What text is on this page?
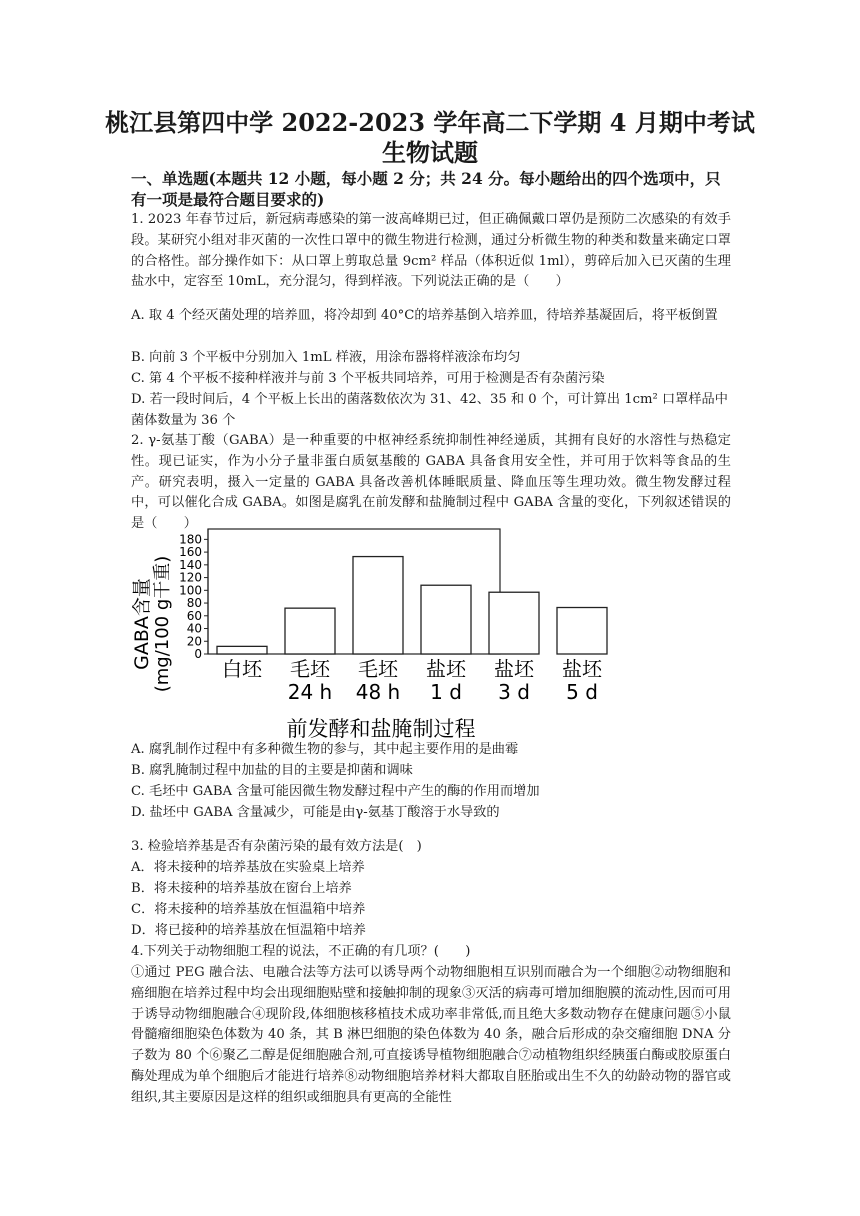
桃江县第四中学 2022-2023 学年高二下学期 4 月期中考试
生物试题
一、单选题(本题共 12 小题，每小题 2 分；共 24 分。每小题给出的四个选项中，只有一项是最符合题目要求的)
1. 2023 年春节过后，新冠病毒感染的第一波高峰期已过，但正确佩戴口罩仍是预防二次感染的有效手段。某研究小组对非灭菌的一次性口罩中的微生物进行检测，通过分析微生物的种类和数量来确定口罩的合格性。部分操作如下：从口罩上剪取总量 9cm² 样品（体积近似 1ml），剪碎后加入已灭菌的生理盐水中，定容至 10mL，充分混匀，得到样液。下列说法正确的是（　　）
A. 取 4 个经灭菌处理的培养皿，将冷却到 40°C的培养基倒入培养皿，待培养基凝固后，将平板倒置
B. 向前 3 个平板中分别加入 1mL 样液，用涂布器将样液涂布均匀
C. 第 4 个平板不接种样液并与前 3 个平板共同培养，可用于检测是否有杂菌污染
D. 若一段时间后，4 个平板上长出的菌落数依次为 31、42、35 和 0 个，可计算出 1cm² 口罩样品中菌体数量为 36 个
2. γ-氨基丁酸（GABA）是一种重要的中枢神经系统抑制性神经递质，其拥有良好的水溶性与热稳定性。现已证实，作为小分子量非蛋白质氨基酸的 GABA 具备食用安全性，并可用于饮料等食品的生产。研究表明，摄入一定量的 GABA 具备改善机体睡眠质量、降血压等生理功效。微生物发酵过程中，可以催化合成 GABA。如图是腐乳在前发酵和盐腌制过程中 GABA 含量的变化，下列叙述错误的是（　　）
GABA含量 (mg/100 g干重) 0
20
40
60
80
100
120
140
160
180
白坯 毛坯
24 h
毛坯
48 h
盐坯
1 d
盐坯
3 d
盐坯
5 d
前发酵和盐腌制过程
A. 腐乳制作过程中有多种微生物的参与，其中起主要作用的是曲霉
B. 腐乳腌制过程中加盐的目的主要是抑菌和调味
C. 毛坯中 GABA 含量可能因微生物发酵过程中产生的酶的作用而增加
D. 盐坯中 GABA 含量减少，可能是由γ-氨基丁酸溶于水导致的
3. 检验培养基是否有杂菌污染的最有效方法是(　)
A．将未接种的培养基放在实验桌上培养
B．将未接种的培养基放在窗台上培养
C．将未接种的培养基放在恒温箱中培养
D．将已接种的培养基放在恒温箱中培养
4.下列关于动物细胞工程的说法，不正确的有几项？(　　)
①通过 PEG 融合法、电融合法等方法可以诱导两个动物细胞相互识别而融合为一个细胞②动物细胞和癌细胞在培养过程中均会出现细胞贴壁和接触抑制的现象③灭活的病毒可增加细胞膜的流动性,因而可用于诱导动物细胞融合④现阶段,体细胞核移植技术成功率非常低,而且绝大多数动物存在健康问题⑤小鼠骨髓瘤细胞染色体数为 40 条，其 B 淋巴细胞的染色体数为 40 条，融合后形成的杂交瘤细胞 DNA 分子数为 80 个⑥聚乙二醇是促细胞融合剂,可直接诱导植物细胞融合⑦动植物组织经胰蛋白酶或胶原蛋白酶处理成为单个细胞后才能进行培养⑧动物细胞培养材料大都取自胚胎或出生不久的幼龄动物的器官或组织,其主要原因是这样的组织或细胞具有更高的全能性
